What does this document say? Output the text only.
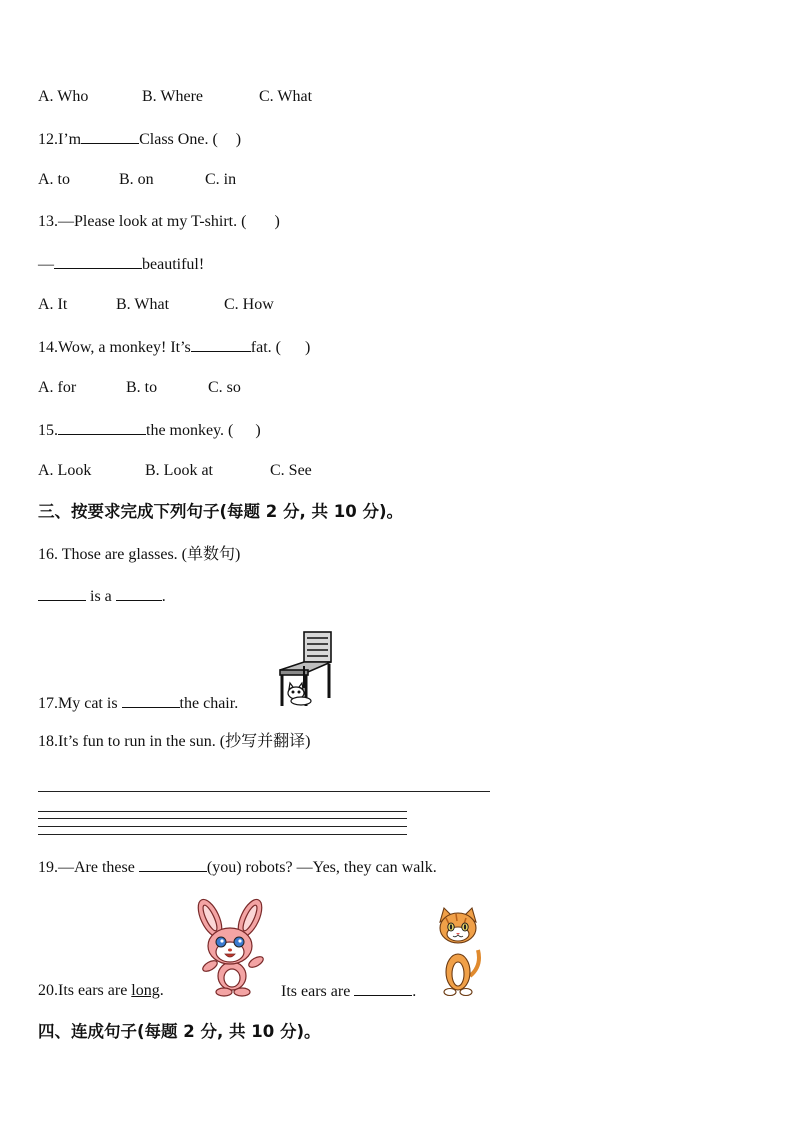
A. Who	B. Where	C. What
12.I’m	Class One. ( )
A. to	B. on	C. in
13.—Please look at my T-shirt. ( )
—	beautiful!
A. It	B. What	C. How
14.Wow, a monkey! It’s	fat. ( )
A. for	B. to	C. so
15.	the monkey. ( )
A. Look	B. Look at	C. See
三、按要求完成下列句子(每题 2 分, 共 10 分)。
16. Those are glasses. (单数句)
is a	.
17.My cat is	the chair.
18.It’s fun to run in the sun. (抄写并翻译)
19.—Are these	(you) robots? —Yes, they can walk.
20.Its ears are long.	Its ears are	.
四、连成句子(每题 2 分, 共 10 分)。
